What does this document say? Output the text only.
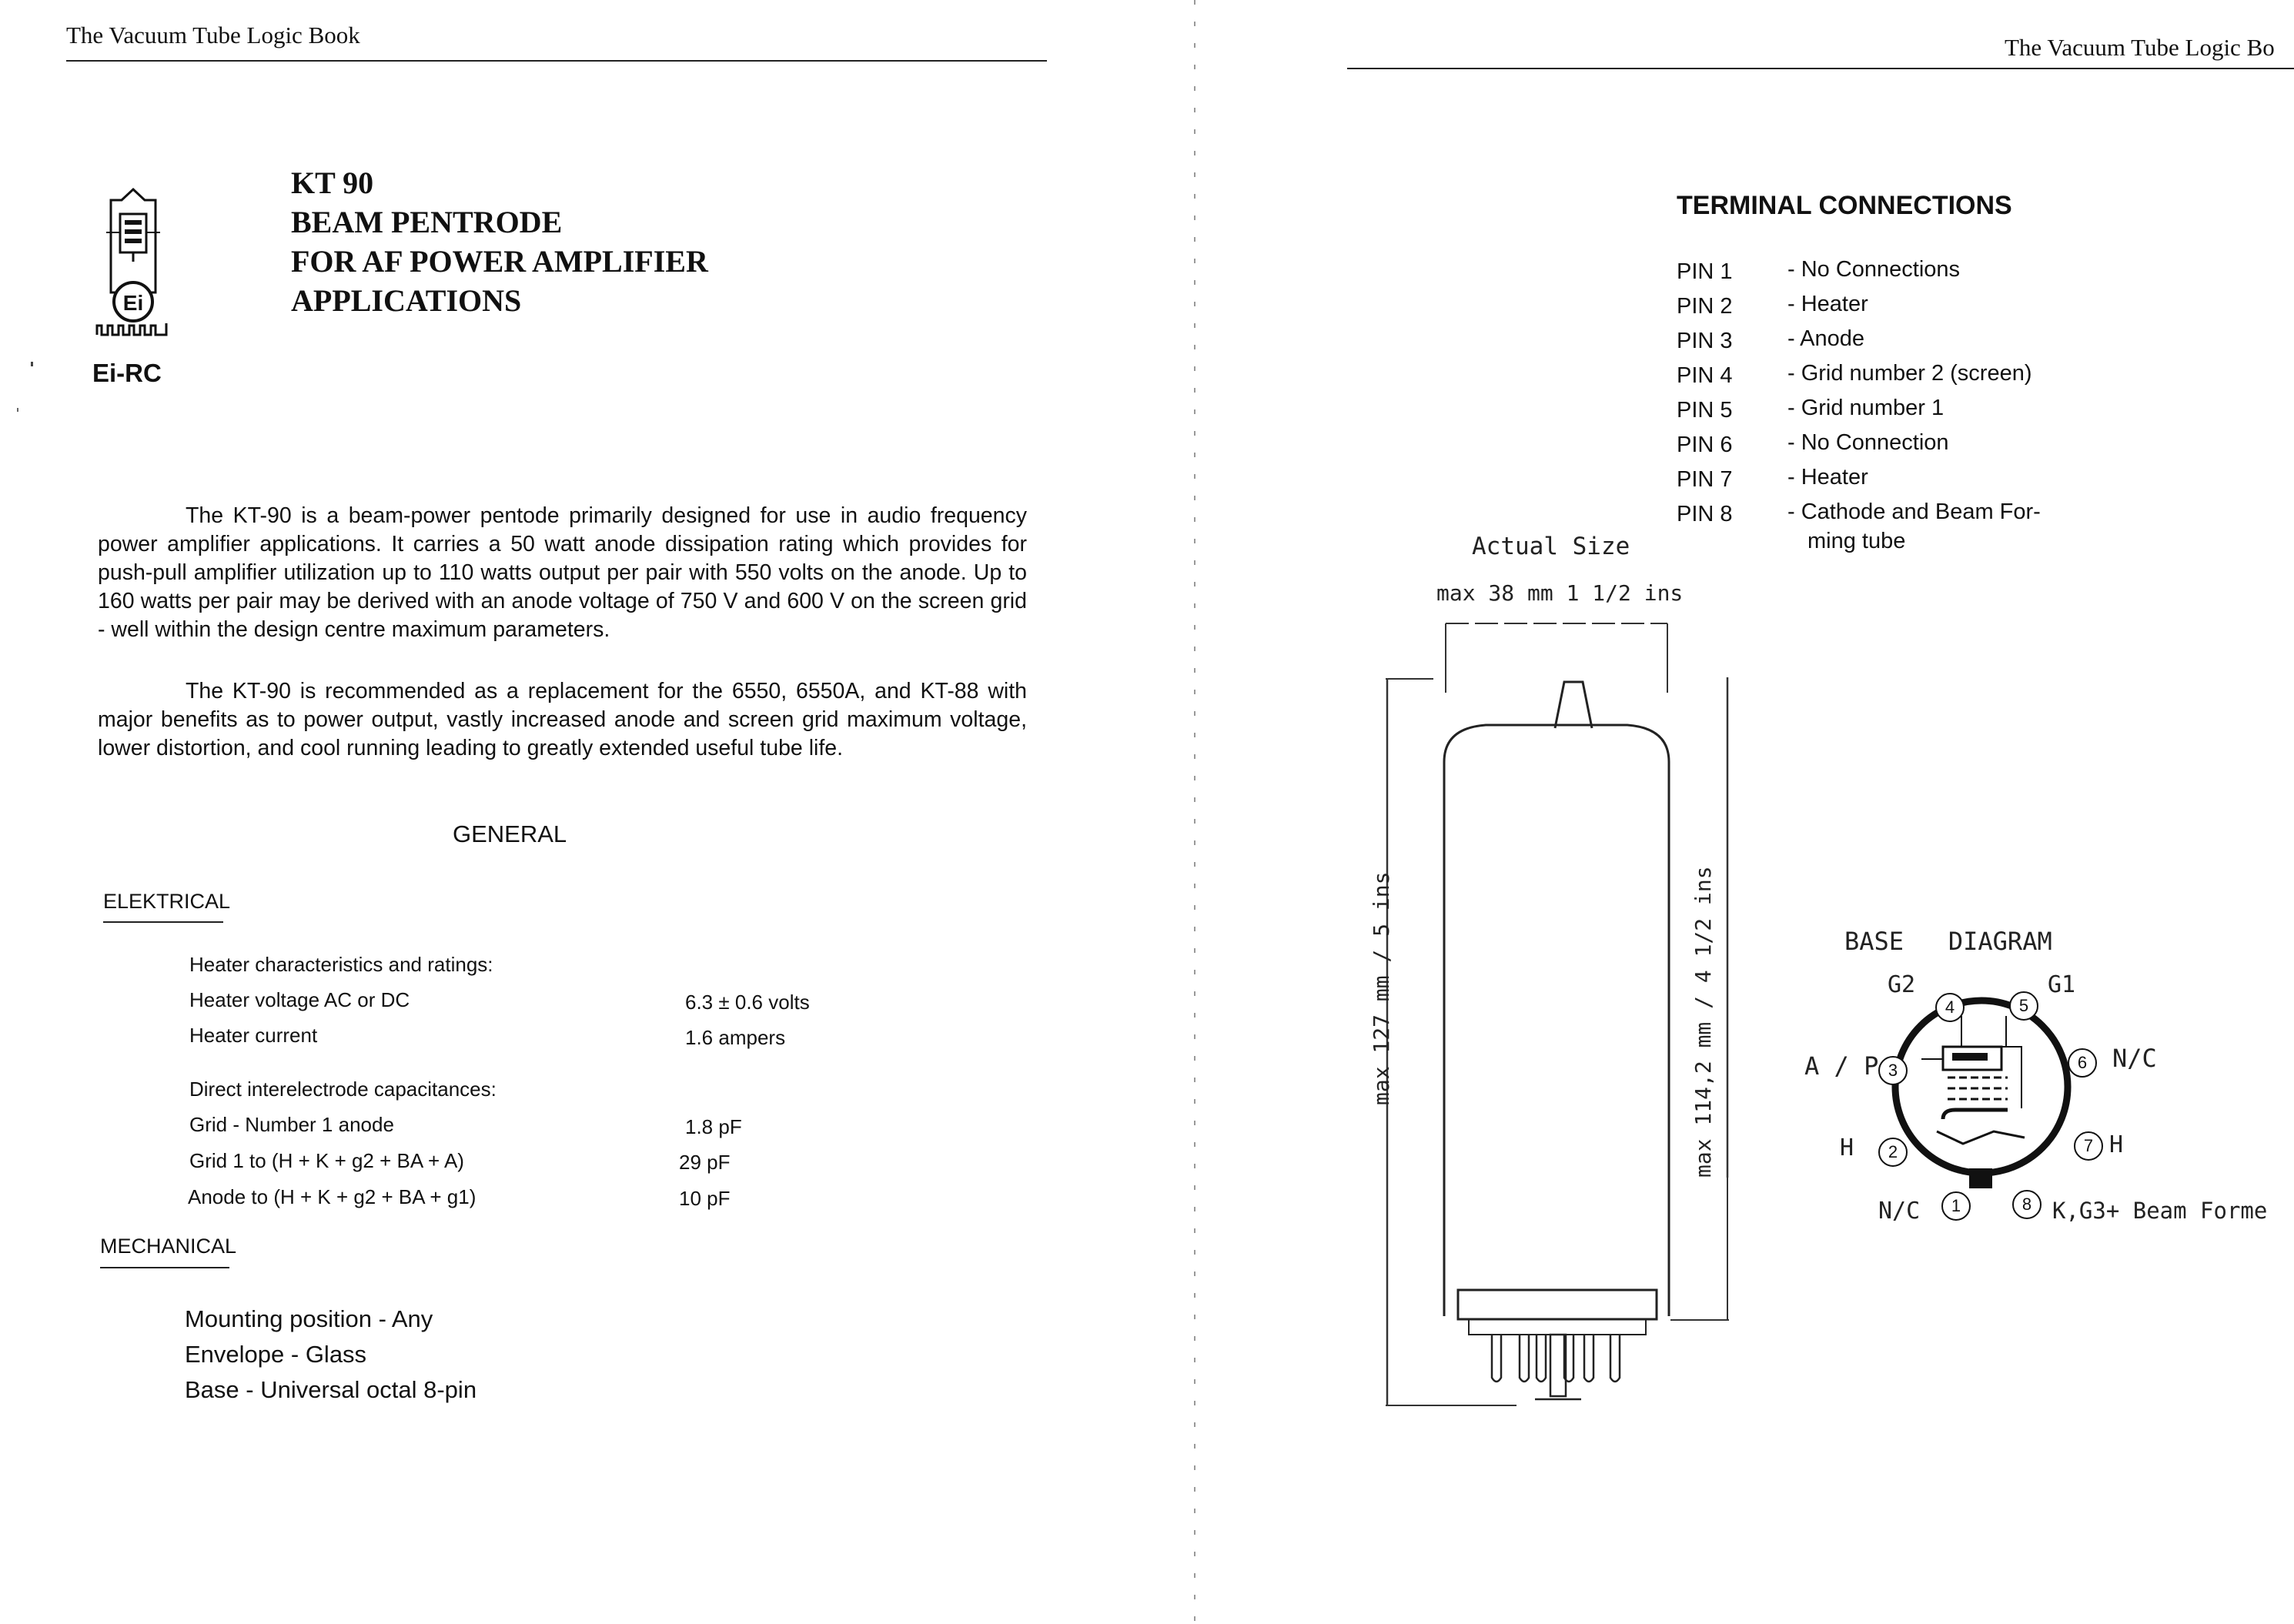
The Vacuum Tube Logic Book
Ei
Ei-RC
KT 90
BEAM PENTRODE
FOR AF POWER AMPLIFIER
APPLICATIONS
The KT-90 is a beam-power pentode primarily designed for use in audio frequency power amplifier applications. It carries a 50 watt anode dissipation rating which provides for push-pull amplifier utilization up to 110 watts output per pair with 550 volts on the anode. Up to 160 watts per pair may be derived with an anode voltage of 750 V and 600 V on the screen grid - well within the design centre maximum parameters.
The KT-90 is recommended as a replacement for the 6550, 6550A, and KT-88 with major benefits as to power output, vastly increased anode and screen grid maximum voltage, lower distortion, and cool running leading to greatly extended useful tube life.
GENERAL
ELEKTRICAL
Heater characteristics and ratings:
Heater voltage AC or DC	6.3 ± 0.6 volts
Heater current	1.6 ampers
Direct interelectrode capacitances:
Grid - Number 1 anode	1.8 pF
Grid 1 to (H + K + g2 + BA + A)	29 pF
Anode to (H + K + g2 + BA + g1)	10 pF
MECHANICAL
Mounting position - Any
Envelope - Glass
Base - Universal octal 8-pin
The Vacuum Tube Logic Bo
TERMINAL CONNECTIONS
PIN 1 - No Connections
PIN 2 - Heater
PIN 3 - Anode
PIN 4 - Grid number 2 (screen)
PIN 5 - Grid number 1
PIN 6 - No Connection
PIN 7 - Heater
PIN 8 - Cathode and Beam For-
ming tube
Actual Size
max 38 mm 1 1/2 ins
max 127 mm / 5 ins	max 114,2 mm / 4 1/2 ins	BASE   DIAGRAM
4	5
3	6
2	7
1	8
G2	G1
A / P	N/C
H	H
N/C	K,G3+ Beam Forme
